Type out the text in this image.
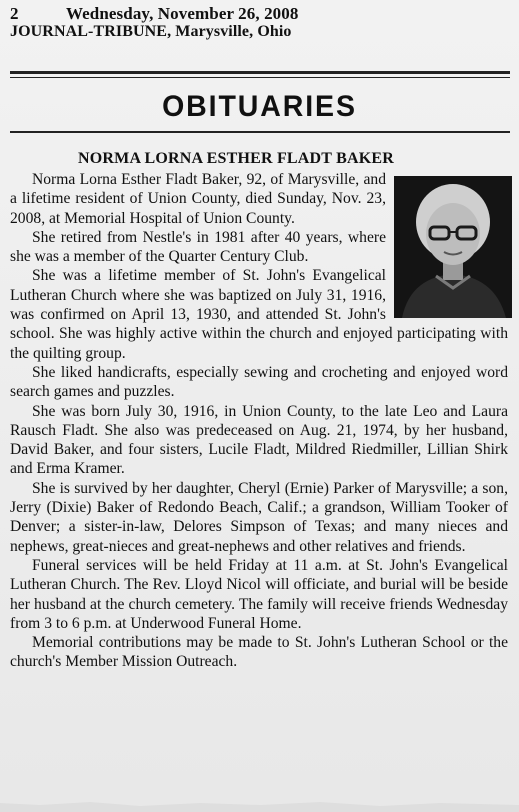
2	Wednesday, November 26, 2008
JOURNAL-TRIBUNE, Marysville, Ohio
OBITUARIES
NORMA LORNA ESTHER FLADT BAKER

Norma Lorna Esther Fladt Baker, 92, of Marysville, and a lifetime resident of Union County, died Sunday, Nov. 23, 2008, at Memorial Hospital of Union County.

She retired from Nestle's in 1981 after 40 years, where she was a member of the Quarter Century Club.

She was a lifetime member of St. John's Evangelical Lutheran Church where she was baptized on July 31, 1916, was confirmed on April 13, 1930, and attended St. John's school. She was highly active within the church and enjoyed participating with the quilting group.

She liked handicrafts, especially sewing and crocheting and enjoyed word search games and puzzles.

She was born July 30, 1916, in Union County, to the late Leo and Laura Rausch Fladt. She also was predeceased on Aug. 21, 1974, by her husband, David Baker, and four sisters, Lucile Fladt, Mildred Riedmiller, Lillian Shirk and Erma Kramer.

She is survived by her daughter, Cheryl (Ernie) Parker of Marysville; a son, Jerry (Dixie) Baker of Redondo Beach, Calif.; a grandson, William Tooker of Denver; a sister-in-law, Delores Simpson of Texas; and many nieces and nephews, great-nieces and great-nephews and other relatives and friends.

Funeral services will be held Friday at 11 a.m. at St. John's Evangelical Lutheran Church. The Rev. Lloyd Nicol will officiate, and burial will be beside her husband at the church cemetery. The family will receive friends Wednesday from 3 to 6 p.m. at Underwood Funeral Home.

Memorial contributions may be made to St. John's Lutheran School or the church's Member Mission Outreach.
